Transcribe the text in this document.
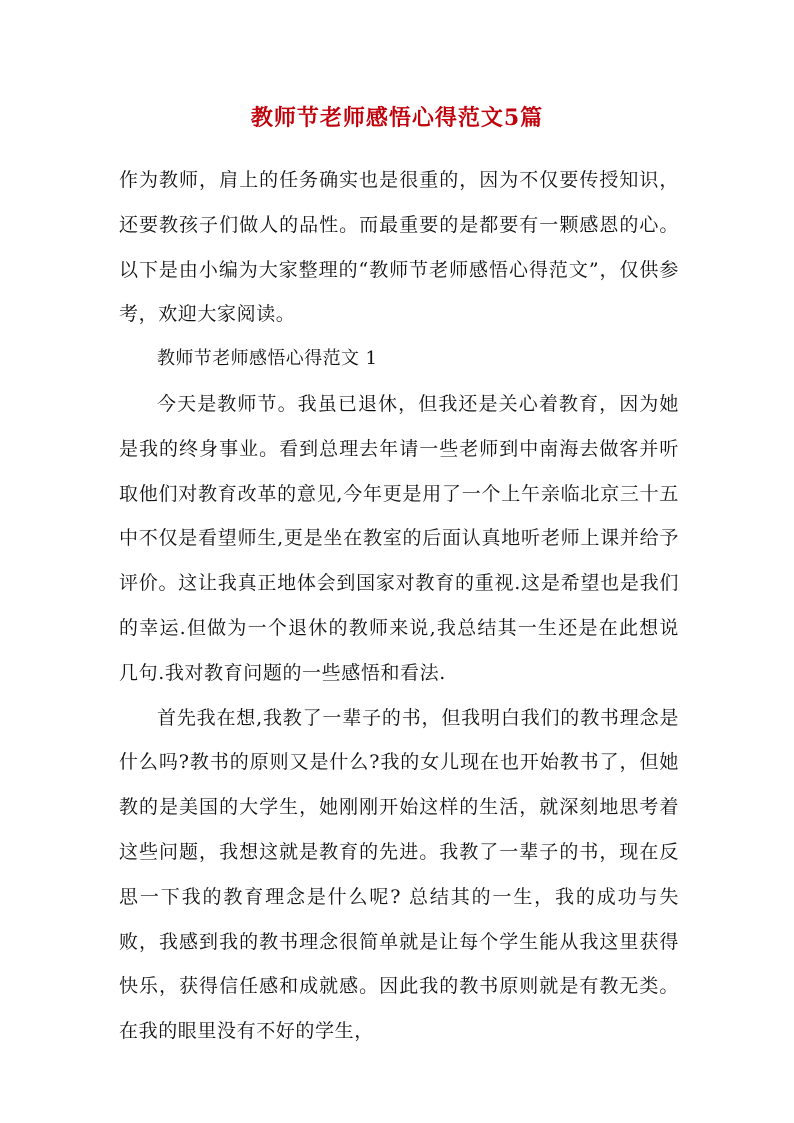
教师节老师感悟心得范文5篇

作为教师，肩上的任务确实也是很重的，因为不仅要传授知识，还要教孩子们做人的品性。而最重要的是都要有一颗感恩的心。以下是由小编为大家整理的“教师节老师感悟心得范文”，仅供参考，欢迎大家阅读。

教师节老师感悟心得范文 1

今天是教师节。我虽已退休，但我还是关心着教育，因为她是我的终身事业。看到总理去年请一些老师到中南海去做客并听取他们对教育改革的意见,今年更是用了一个上午亲临北京三十五中不仅是看望师生,更是坐在教室的后面认真地听老师上课并给予评价。这让我真正地体会到国家对教育的重视.这是希望也是我们的幸运.但做为一个退休的教师来说,我总结其一生还是在此想说几句.我对教育问题的一些感悟和看法.

首先我在想,我教了一辈子的书，但我明白我们的教书理念是什么吗?教书的原则又是什么?我的女儿现在也开始教书了，但她教的是美国的大学生，她刚刚开始这样的生活，就深刻地思考着这些问题，我想这就是教育的先进。我教了一辈子的书，现在反思一下我的教育理念是什么呢? 总结其的一生，我的成功与失败，我感到我的教书理念很简单就是让每个学生能从我这里获得快乐，获得信任感和成就感。因此我的教书原则就是有教无类。在我的眼里没有不好的学生，
